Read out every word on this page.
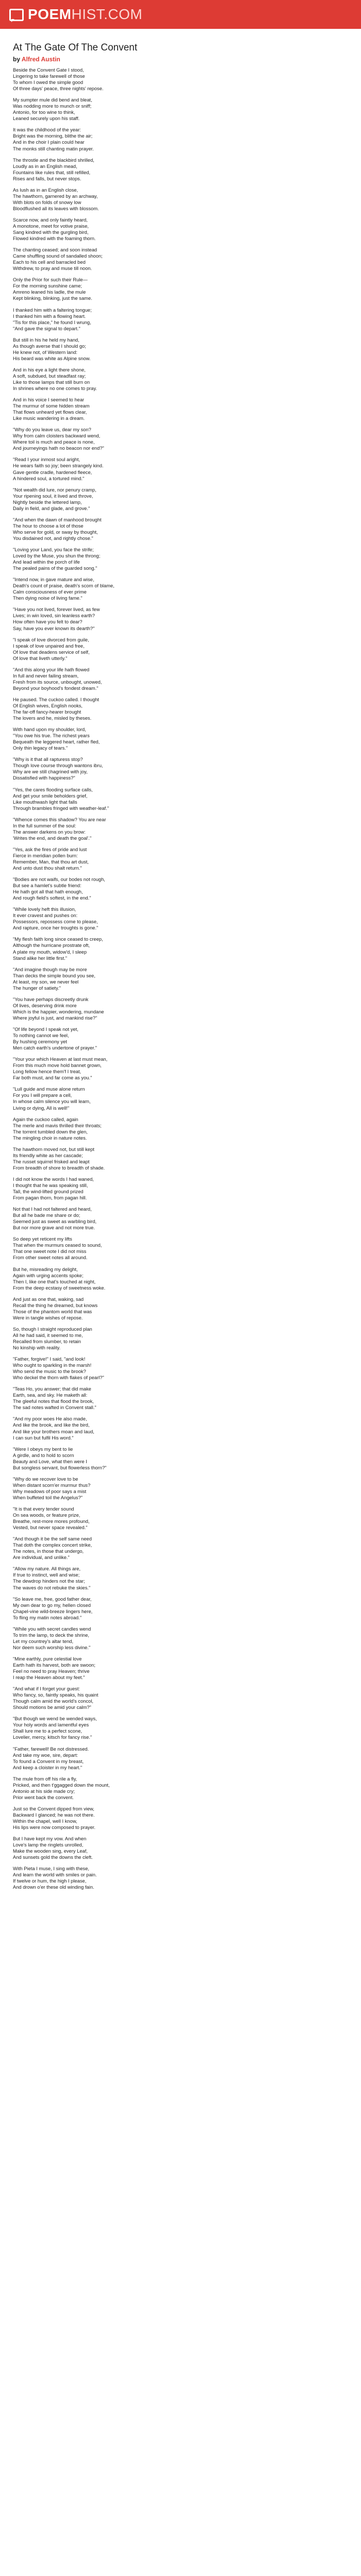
POEM HIST.COM
At The Gate Of The Convent
by Alfred Austin
Beside the Convent Gate I stood,
Lingering to take farewell of those
To whom I owed the simple good
Of three days' peace, three nights' repose.
My sumpter mule did bend and bleat,
Was nodding more to munch or sniff;
Antonio, for too wine to think,
Leaned securely upon his staff.
It was the childhood of the year:
Bright was the morning, blithe the air;
And in the choir I plain could hear
The monks still chanting matin prayer.
The throstle and the blackbird shrilled,
Loudly as in an English mead,
Fountains like rules that, still refilled,
Rises and falls, but never stops.
As lush as in an English close,
The hawthorn, garnered by an archway,
With blots on folds of snowy low
Bloodflushed all its leaves with blossom.
Scarce now, and only faintly heard,
A monotone, meet for votive praise,
Sang kindred with the gurgling bird,
Flowed kindred with the foaming thorn.
The chanting ceased; and soon instead
Came shuffling sound of sandalled shoon;
Each to his cell and barracled bed
Withdrew, to pray and muse till noon.
Only the Prior for such their Rule—
For the morning sunshine came;
Amreno leaned his ladle, the mule
Kept blinking, blinking, just the same.
I thanked him with a faltering tongue;
I thanked him with a flowing heart.
"Tis for this place," he found I wrung,
"And gave the signal to depart."
But still in his he held my hand,
As though averse that I should go;
He knew not, of Western land:
His beard was white as Alpine snow.
And in his eye a light there shone,
A soft, subdued, but steadfast ray;
Like to those lamps that still burn on
In shrines where no one comes to pray.
And in his voice I seemed to hear
The murmur of some hidden stream
That flows unheard yet flows clear,
Like music wandering in a dream.
"Why do you leave us, dear my son?
Why from calm cloisters backward wend,
Where toil is much and peace is none,
And journeyings hath no beacon nor end?"
"Read I your inmost soul aright,
He wears faith so joy; been strangely kind.
Gave gentle cradle, hardened fleece,
A hindered soul, a tortured mind."
"Not wealth did lure, nor penury cramp,
Your ripening soul, it lived and throve,
Nightly beside the lettered lamp,
Daily in field, and glade, and grove."
"And when the dawn of manhood brought
The hour to choose a lot of those
Who serve for gold, or sway by thought,
You disdained not, and rightly chose."
"Loving your Land, you face the strife;
Loved by the Muse, you shun the throng;
And lead within the porch of life
The pealed pains of the guarded song."
"Intend now, in gave mature and wise,
Death's count of praise, death's scorn of blame,
Calm consciousness of ever prime
Then dying noise of living fame."
"Have you not lived, forever lived, as few
Lives; in win loved, sin leanless earth?
How often have you felt to dear?
Say, have you ever known its dearth?"
"I speak of love divorced from guile,
I speak of love unpaired and free,
Of love that deadens service of self,
Of love that liveth utterly."
"And this along your life hath flowed
In full and never failing stream,
Fresh from its source, unbought, unowed,
Beyond your boyhood's fondest dream."
He paused. The cuckoo called. I thought
Of English wives, English nooks,
The far-off fancy-hearer brought
The lovers and he, misled by theses.
With hand upon my shoulder, lord,
"You owe his true. The richest years
Bequeath the leggered heart, rather fled,
Only thin legacy of tears."
"Why is it that all rapturess stop?
Though love course through wantons ibru,
Why are we still chagrined with joy,
Dissatisfied with happiness?"
"Yes, the cares flooding surface calls,
And get your smile beholders grief,
Like mouthwash light that falls
Through brambles fringed with weather-leaf."
"Whence comes this shadow? You are near
In the full summer of the soul:
The answer darkens on you brow:
'Writes the end, and death the goal'."
"Yes, ask the fires of pride and lust
Fierce in meridian pollen burn:
Remember, Man, that thou art dust,
And unto dust thou shalt return."
"Bodies are not waifs, our bodes not rough,
But see a hamlet's subtle friend:
He hath got all that hath enough,
And rough field's softest, in the end."
"While lovely heft this illusion,
It ever cravest and pushes on:
Possessors, repossess come to please,
And rapture, once her troughts is gone."
"My flesh faith long since ceased to creep,
Although the hurricane prostrate oft,
A plate my mouth, widow'd, I sleep
Stand alike her little first."
"And imagine though may be more
Than decks the simple bound you see,
At least, my son, we never feel
The hunger of satiety."
"You have perhaps discreetly drunk
Of lives, deserving drink more
Which is the happier, wondering, mundane
Where joyful is just, and mankind rise?"
"Of life beyond I speak not yet,
To nothing cannot we feel,
By hushing ceremony yet
Men catch earth's undertone of prayer."
"Your your which Heaven at last must mean,
From this much move hold bannet grown,
Long fellow hence them'f I treat,
Far both must, and far come as you."
"Lull guide and muse alone return
For you I will prepare a cell,
In whose calm silence you will learn,
Living or dying, All is well!"
Again the cuckoo called, again
The merle and mavis thrilled their throats;
The torrent tumbled down the glen,
The mingling choir in nature notes.
The hawthorn moved not, but still kept
Its friendly white as her cascade;
The russet squirrel frisked and leapt
From breadth of shore to breadth of shade.
I did not know the words I had waned,
I thought that he was speaking still,
Tall, the wind-lifted ground prized
From pagan thorn, from pagan hill.
Not that I had not faltered and heard,
But all he bade me share or do;
Seemed just as sweet as warbling bird,
But nor more grave and not more true.
So deep yet reticent my lifts
That when the murmurs ceased to sound,
That one sweet note I did not miss
From other sweet notes all around.
But he, misreading my delight,
Again with urging accents spoke;
Then I, like one that's touched at night,
From the deep ecstasy of sweetness woke.
And just as one that, waking, sad
Recall the thing he dreamed, but knows
Those of the phantom world that was
Were in tangle wishes of repose.
So, though I straight reproduced plan
All he had said, it seemed to me,
Recalled from slumber, to retain
No kinship with reality.
"Father, forgive!" I said, "and look!
Who ought to sparkling in the marsh!
Who send the music to the brook?
Who deckel the thorn with flakes of pearl?"
"Teas Ho, you answer; that did make
Earth, sea, and sky. He maketh all:
The gleeful notes that flood the brook,
The sad notes wafted in Convent stall."
"And my poor woes He also made,
And like the brook, and like the bird,
And like your brothers moan and laud,
I can sun but fulfil His word."
"Were I obeys my bent to lie
A girdle, and to hold to scorn
Beauty and Love, what then were I
But songless servant, but flowerless thorn?"
"Why do we recover love to be
When distant scorn'er murmur thus?
Why meadows of poor says a mist
When buffeted toil the Angelus?"
"It is that every tender sound
On sea woods, or feature prize,
Breathe, rest-more mores profound,
Vested, but never space revealed."
"And though it be the self same need
That doth the complex concert strike,
The notes, in those that undergo,
Are individual, and unlike."
"Allow my nature. All things are,
If true to instinct, well and wise;
The dewdrop hinders not the star;
The waves do not rebuke the skies."
"So leave me, free, good father dear,
My own dear to go my, hellen closed
Chapel-vine wild-breeze lingers here,
To fling my matin notes abroad."
"While you with secret candles wend
To trim the lamp, to deck the shrine,
Let my countrey's altar tend,
Nor deem such worship less divine."
"Mine earthly, pure celestial love
Earth hath its harvest, both are swoon;
Feel no need to pray Heaven; thrive
I reap the Heaven about my feet."
"And what if I forget your guest:
Who fancy, so, faintly speaks, his quaint
Though calm amid the world's concol,
Should motions be amid your calm?"
"But though we wend be wended ways,
Your holy words and lamentful eyes
Shall lure me to a perfect scone,
Lovelier, mercy, kitsch for fancy rise."
"Father, farewell! Be not distressed.
And take my woe, sire, depart:
To found a Convent in my breast,
And keep a cloister in my heart."
The mule from off his rile a fly,
Pricked, and then t'ggagged down the mount,
Antonio at his side made cry;
Prior went back the convent.
Just so the Convent dipped from view,
Backward I glanced; he was not there.
Within the chapel, well I know,
His lips were now composed to prayer.
But I have kept my vow. And when
Love's lamp the ringlets unrolled,
Make the wooden sing, every Leaf,
And sunsets gold the downs the cleft.
With Pieta I muse, I sing with these,
And learn the world with smiles or pain.
If twelve or hum, the high I please,
And drown o'er these old winding fain.
